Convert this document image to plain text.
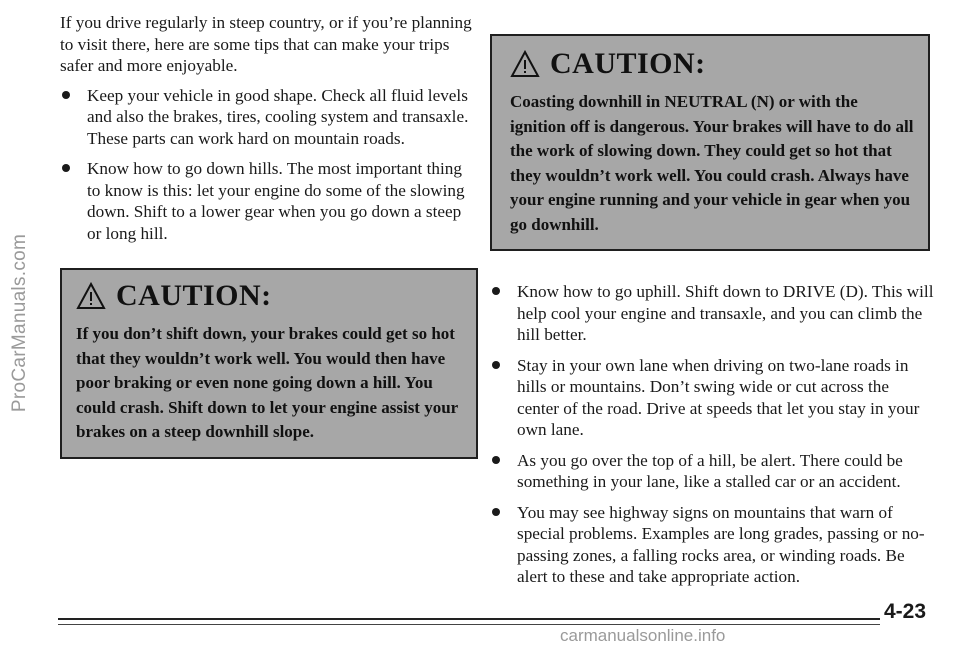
ProCarManuals.com

If you drive regularly in steep country, or if you’re planning to visit there, here are some tips that can make your trips safer and more enjoyable.

Keep your vehicle in good shape. Check all fluid levels and also the brakes, tires, cooling system and transaxle. These parts can work hard on mountain roads.
Know how to go down hills. The most important thing to know is this: let your engine do some of the slowing down. Shift to a lower gear when you go down a steep or long hill.
CAUTION:
If you don’t shift down, your brakes could get so hot that they wouldn’t work well. You would then have poor braking or even none going down a hill. You could crash. Shift down to let your engine assist your brakes on a steep downhill slope.
CAUTION:
Coasting downhill in NEUTRAL (N) or with the ignition off is dangerous. Your brakes will have to do all the work of slowing down. They could get so hot that they wouldn’t work well. You could crash. Always have your engine running and your vehicle in gear when you go downhill.
Know how to go uphill. Shift down to DRIVE (D). This will help cool your engine and transaxle, and you can climb the hill better.
Stay in your own lane when driving on two-lane roads in hills or mountains. Don’t swing wide or cut across the center of the road. Drive at speeds that let you stay in your own lane.
As you go over the top of a hill, be alert. There could be something in your lane, like a stalled car or an accident.
You may see highway signs on mountains that warn of special problems. Examples are long grades, passing or no-passing zones, a falling rocks area, or winding roads. Be alert to these and take appropriate action.
4-23
carmanualsonline.info
